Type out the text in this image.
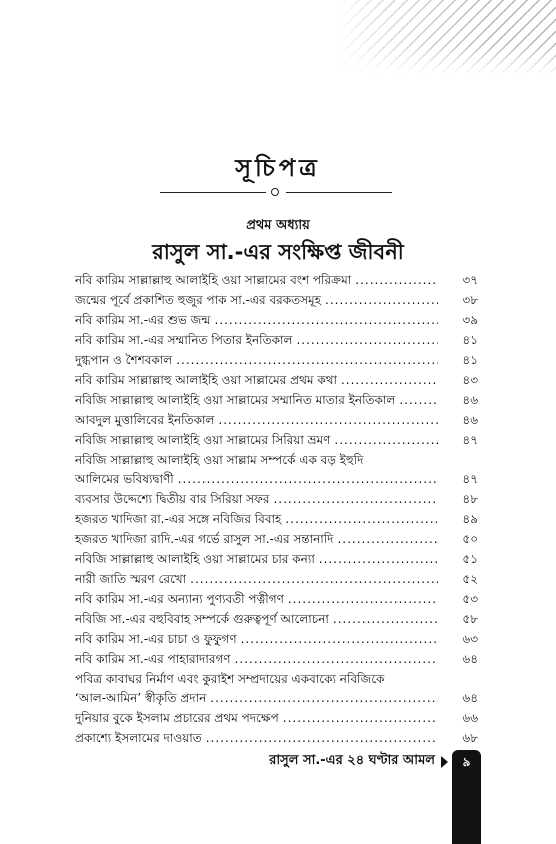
সূচিপত্র
প্রথম অধ্যায়
রাসুল সা.-এর সংক্ষিপ্ত জীবনী
নবি কারিম সাল্লাল্লাহু আলাইহি ওয়া সাল্লামের বংশ পরিক্রমা .....	৩৭
জন্মের পূর্বে প্রকাশিত হুজুর পাক সা.-এর বরকতসমূহ .....	৩৮
নবি কারিম সা.-এর শুভ জন্ম .....	৩৯
নবি কারিম সা.-এর সম্মানিত পিতার ইনতিকাল .....	৪১
দুগ্ধপান ও শৈশবকাল .....	৪১
নবি কারিম সাল্লাল্লাহু আলাইহি ওয়া সাল্লামের প্রথম কথা .....	৪৩
নবিজি সাল্লাল্লাহু আলাইহি ওয়া সাল্লামের সম্মানিত মাতার ইনতিকাল .....	৪৬
আবদুল মুত্তালিবের ইনতিকাল .....	৪৬
নবিজি সাল্লাল্লাহু আলাইহি ওয়া সাল্লামের সিরিয়া ভ্রমণ .....	৪৭
নবিজি সাল্লাল্লাহু আলাইহি ওয়া সাল্লাম সম্পর্কে এক বড় ইহুদি
আলিমের ভবিষ্যদ্বাণী .....	৪৭
ব্যবসার উদ্দেশ্যে দ্বিতীয় বার সিরিয়া সফর .....	৪৮
হজরত খাদিজা রা.-এর সঙ্গে নবিজির বিবাহ .....	৪৯
হজরত খাদিজা রাদি.-এর গর্ভে রাসুল সা.-এর সন্তানাদি .....	৫০
নবিজি সাল্লাল্লাহু আলাইহি ওয়া সাল্লামের চার কন্যা .....	৫১
নারী জাতি স্মরণ রেখো .....	৫২
নবি কারিম সা.-এর অন্যান্য পুণ্যবতী পত্নীগণ .....	৫৩
নবিজি সা.-এর বহুবিবাহ সম্পর্কে গুরুত্বপূর্ণ আলোচনা .....	৫৮
নবি কারিম সা.-এর চাচা ও ফুফুগণ .....	৬৩
নবি কারিম সা.-এর পাহারাদারগণ .....	৬৪
পবিত্র কাবাঘর নির্মাণ এবং কুরাইশ সম্প্রদায়ের একবাক্যে নবিজিকে
‘আল-আমিন’ স্বীকৃতি প্রদান .....	৬৪
দুনিয়ার বুকে ইসলাম প্রচারের প্রথম পদক্ষেপ .....	৬৬
প্রকাশ্যে ইসলামের দাওয়াত .....	৬৮
রাসুল সা.-এর ২৪ ঘণ্টার আমল	৯
